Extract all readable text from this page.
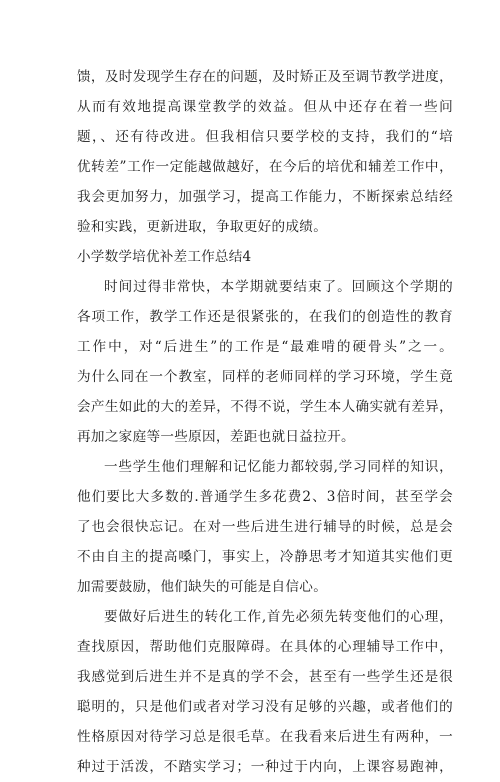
馈，及时发现学生存在的问题，及时矫正及至调节教学进度，
从而有效地提高课堂教学的效益。但从中还存在着一些问
题，、还有待改进。但我相信只要学校的支持，我们的“培
优转差”工作一定能越做越好，在今后的培优和辅差工作中，
我会更加努力，加强学习，提高工作能力，不断探索总结经
验和实践，更新进取，争取更好的成绩。
小学数学培优补差工作总结4
时间过得非常快，本学期就要结束了。回顾这个学期的
各项工作，教学工作还是很紧张的，在我们的创造性的教育
工作中，对“后进生”的工作是“最难啃的硬骨头”之一。
为什么同在一个教室，同样的老师同样的学习环境，学生竟
会产生如此的大的差异，不得不说，学生本人确实就有差异，
再加之家庭等一些原因，差距也就日益拉开。
一些学生他们理解和记忆能力都较弱,学习同样的知识，
他们要比大多数的.普通学生多花费2、3倍时间，甚至学会
了也会很快忘记。在对一些后进生进行辅导的时候，总是会
不由自主的提高嗓门，事实上，冷静思考才知道其实他们更
加需要鼓励，他们缺失的可能是自信心。
要做好后进生的转化工作,首先必须先转变他们的心理，
查找原因，帮助他们克服障碍。在具体的心理辅导工作中，
我感觉到后进生并不是真的学不会，甚至有一些学生还是很
聪明的，只是他们或者对学习没有足够的兴趣，或者他们的
性格原因对待学习总是很毛草。在我看来后进生有两种，一
种过于活泼，不踏实学习；一种过于内向，上课容易跑神，
